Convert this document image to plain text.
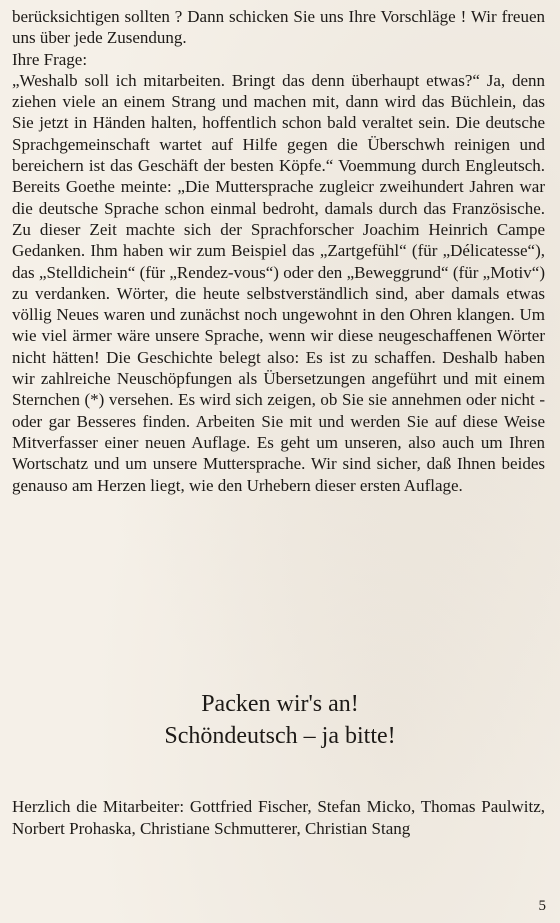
berücksichtigen sollten ? Dann schicken Sie uns Ihre Vorschläge ! Wir freuen uns über jede Zusendung.

Ihre Frage:

„Weshalb soll ich mitarbeiten. Bringt das denn überhaupt etwas?“ Ja, denn ziehen viele an einem Strang und machen mit, dann wird das Büchlein, das Sie jetzt in Händen halten, hoffentlich schon bald veraltet sein. Die deutsche Sprachgemeinschaft wartet auf Hilfe gegen die Überschwh reinigen und bereichern ist das Geschäft der besten Köpfe.“ Voemmung durch Engleutsch. Bereits Goethe meinte: „Die Muttersprache zugleicr zweihundert Jahren war die deutsche Sprache schon einmal bedroht, damals durch das Französische. Zu dieser Zeit machte sich der Sprachforscher Joachim Heinrich Campe Gedanken. Ihm haben wir zum Beispiel das „Zartgefühl“ (für „Délicatesse“), das „Stelldichein“ (für „Rendez-vous“) oder den „Beweggrund“ (für „Motiv“) zu verdanken. Wörter, die heute selbstverständlich sind, aber damals etwas völlig Neues waren und zunächst noch ungewohnt in den Ohren klangen. Um wie viel ärmer wäre unsere Sprache, wenn wir diese neugeschaffenen Wörter nicht hätten! Die Geschichte belegt also: Es ist zu schaffen. Deshalb haben wir zahlreiche Neuschöpfungen als Übersetzungen angeführt und mit einem Sternchen (*) versehen. Es wird sich zeigen, ob Sie sie annehmen oder nicht - oder gar Besseres finden. Arbeiten Sie mit und werden Sie auf diese Weise Mitverfasser einer neuen Auflage. Es geht um unseren, also auch um Ihren Wortschatz und um unsere Muttersprache. Wir sind sicher, daß Ihnen beides genauso am Herzen liegt, wie den Urhebern dieser ersten Auflage.

Packen wir's an!
Schöndeutsch – ja bitte!
Herzlich die Mitarbeiter: Gottfried Fischer, Stefan Micko, Thomas Paulwitz, Norbert Prohaska, Christiane Schmutterer, Christian Stang
5
